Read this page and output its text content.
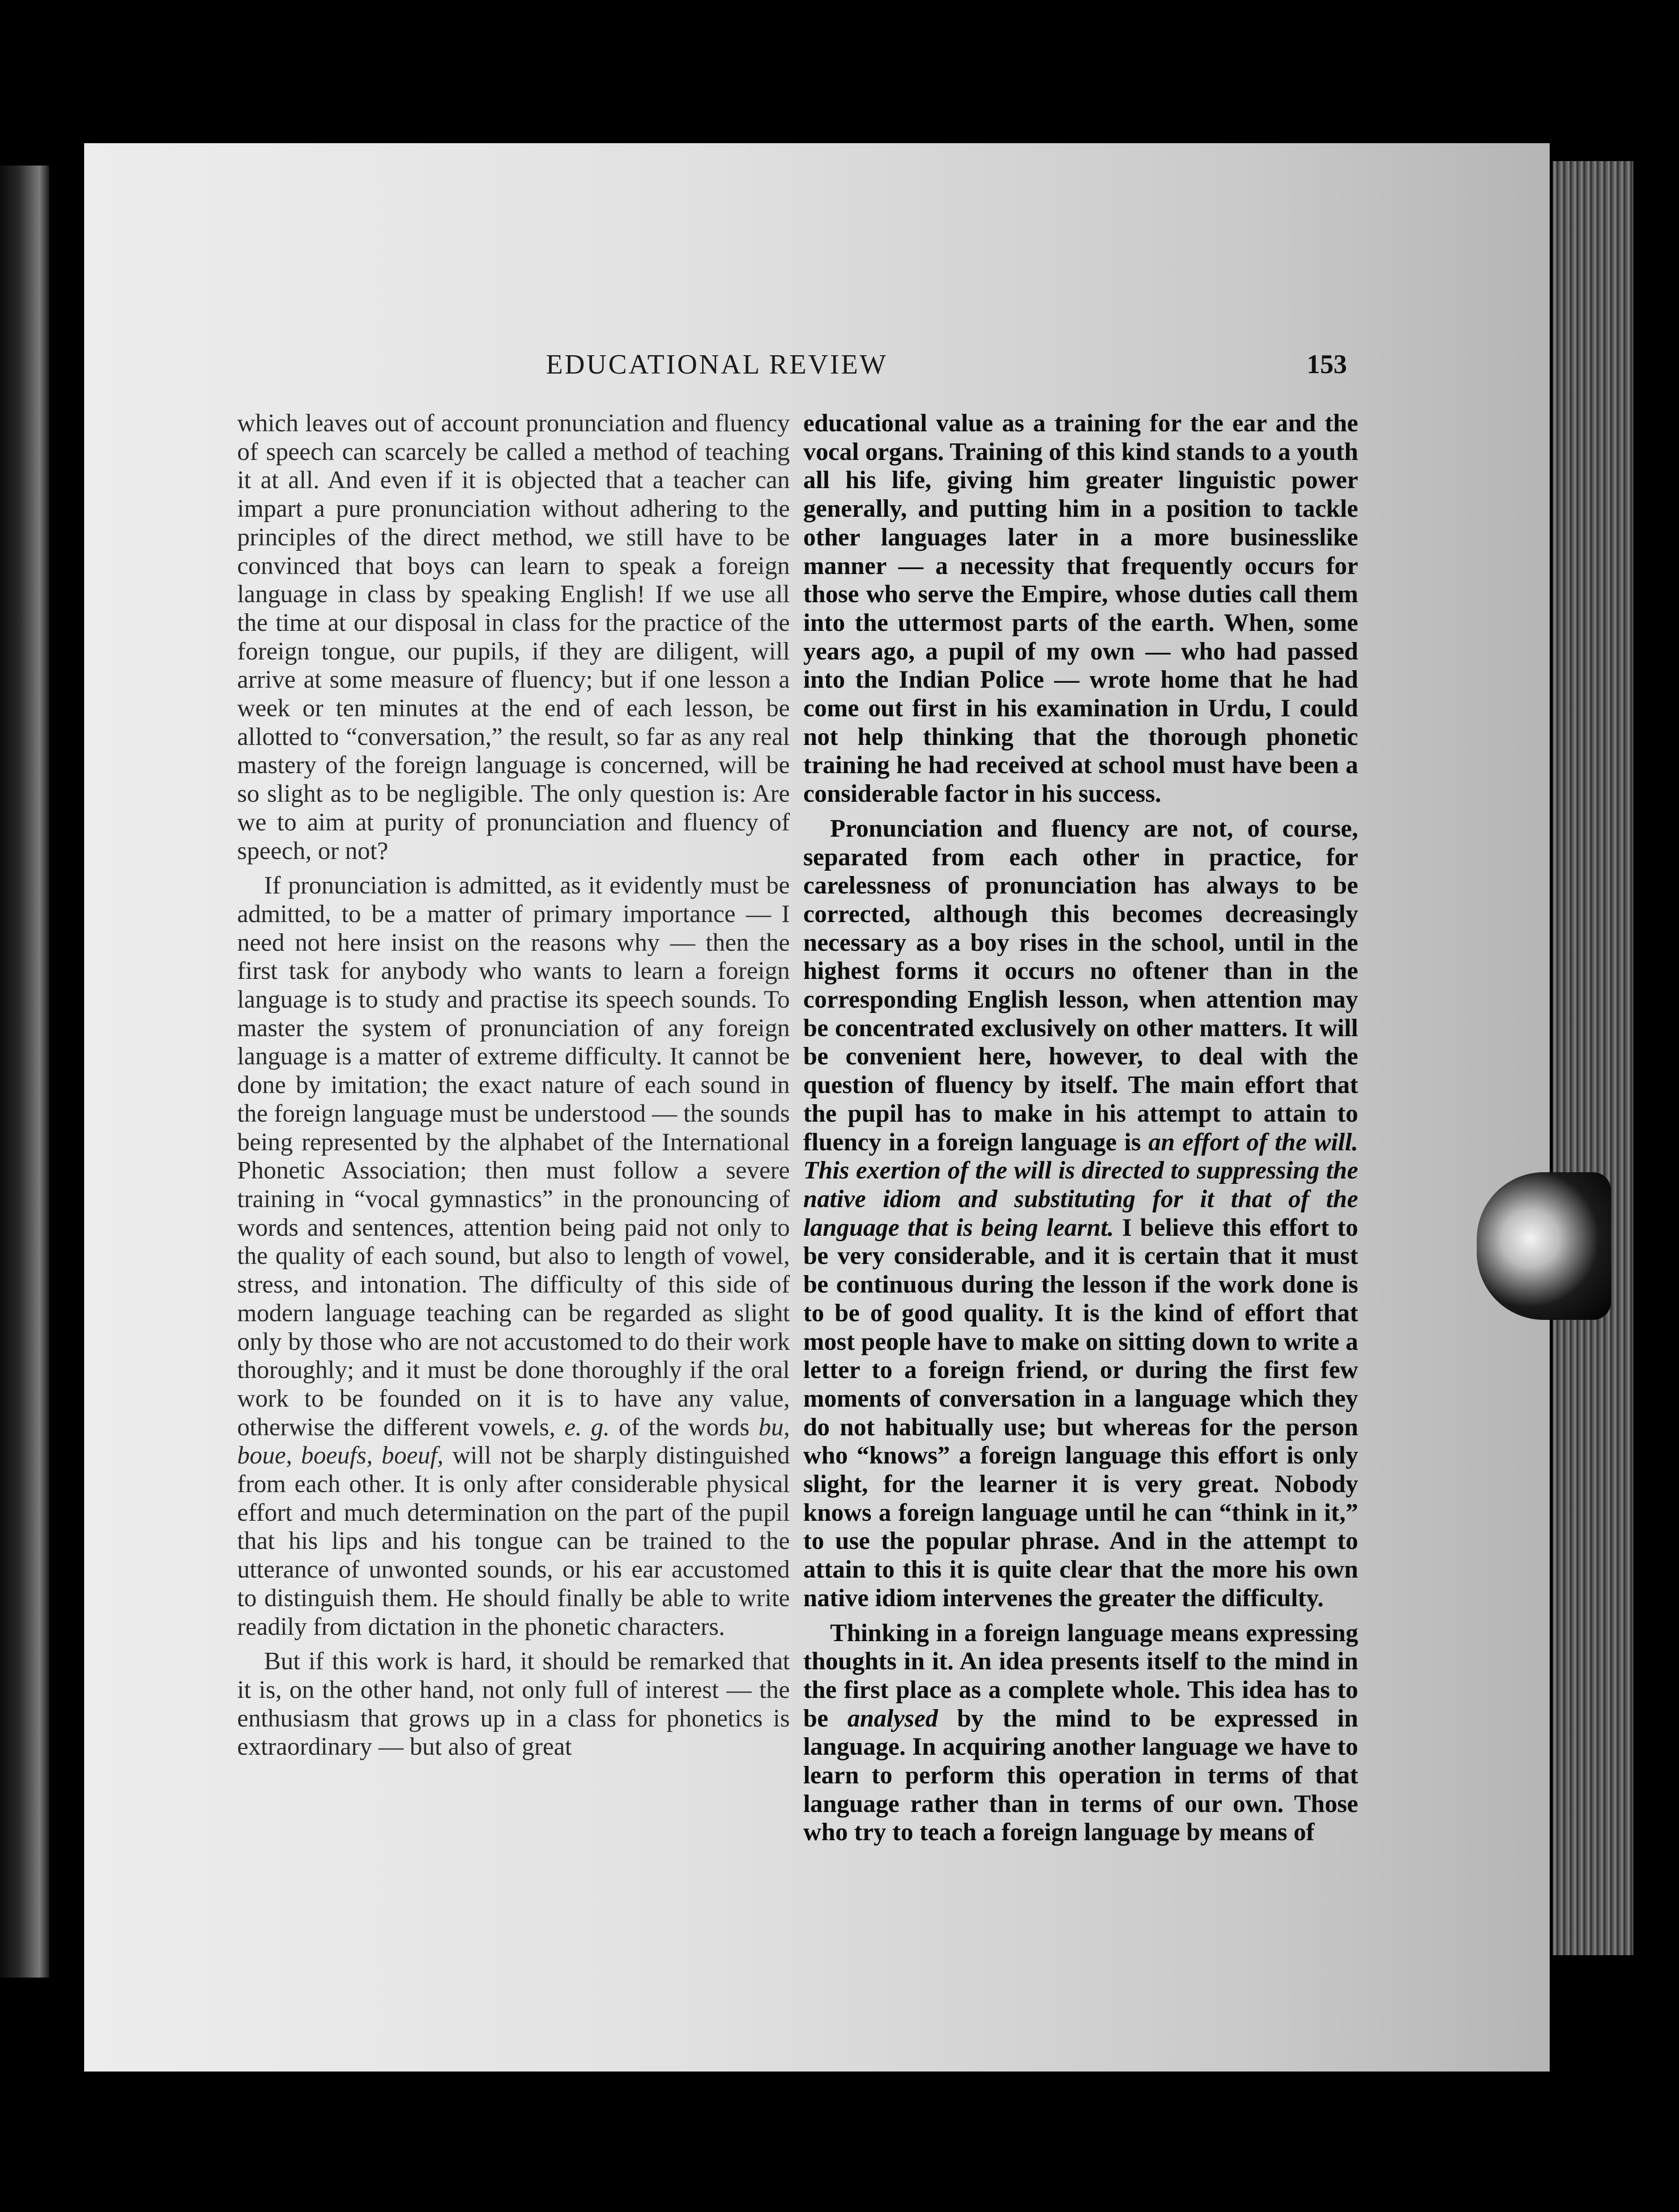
EDUCATIONAL REVIEW	153

which leaves out of account pronunciation and fluency of speech can scarcely be called a method of teaching it at all. And even if it is objected that a teacher can impart a pure pronunciation without adhering to the principles of the direct method, we still have to be convinced that boys can learn to speak a foreign language in class by speaking English! If we use all the time at our disposal in class for the practice of the foreign tongue, our pupils, if they are diligent, will arrive at some measure of fluency; but if one lesson a week or ten minutes at the end of each lesson, be allotted to “conversation,” the result, so far as any real mastery of the foreign language is concerned, will be so slight as to be negligible. The only question is: Are we to aim at purity of pronunciation and fluency of speech, or not?

If pronunciation is admitted, as it evidently must be admitted, to be a matter of primary importance — I need not here insist on the reasons why — then the first task for anybody who wants to learn a foreign language is to study and practise its speech sounds. To master the system of pronunciation of any foreign language is a matter of extreme difficulty. It cannot be done by imitation; the exact nature of each sound in the foreign language must be understood — the sounds being represented by the alphabet of the International Phonetic Association; then must follow a severe training in “vocal gymnastics” in the pronouncing of words and sentences, attention being paid not only to the quality of each sound, but also to length of vowel, stress, and intonation. The difficulty of this side of modern language teaching can be regarded as slight only by those who are not accustomed to do their work thoroughly; and it must be done thoroughly if the oral work to be founded on it is to have any value, otherwise the different vowels, e. g. of the words bu, boue, boeufs, boeuf, will not be sharply distinguished from each other. It is only after considerable physical effort and much determination on the part of the pupil that his lips and his tongue can be trained to the utterance of unwonted sounds, or his ear accustomed to distinguish them. He should finally be able to write readily from dictation in the phonetic characters.

But if this work is hard, it should be remarked that it is, on the other hand, not only full of interest — the enthusiasm that grows up in a class for phonetics is extraordinary — but also of great

educational value as a training for the ear and the vocal organs. Training of this kind stands to a youth all his life, giving him greater linguistic power generally, and putting him in a position to tackle other languages later in a more businesslike manner — a necessity that frequently occurs for those who serve the Empire, whose duties call them into the uttermost parts of the earth. When, some years ago, a pupil of my own — who had passed into the Indian Police — wrote home that he had come out first in his examination in Urdu, I could not help thinking that the thorough phonetic training he had received at school must have been a considerable factor in his success.

Pronunciation and fluency are not, of course, separated from each other in practice, for carelessness of pronunciation has always to be corrected, although this becomes decreasingly necessary as a boy rises in the school, until in the highest forms it occurs no oftener than in the corresponding English lesson, when attention may be concentrated exclusively on other matters. It will be convenient here, however, to deal with the question of fluency by itself. The main effort that the pupil has to make in his attempt to attain to fluency in a foreign language is an effort of the will. This exertion of the will is directed to suppressing the native idiom and substituting for it that of the language that is being learnt. I believe this effort to be very considerable, and it is certain that it must be continuous during the lesson if the work done is to be of good quality. It is the kind of effort that most people have to make on sitting down to write a letter to a foreign friend, or during the first few moments of conversation in a language which they do not habitually use; but whereas for the person who “knows” a foreign language this effort is only slight, for the learner it is very great. Nobody knows a foreign language until he can “think in it,” to use the popular phrase. And in the attempt to attain to this it is quite clear that the more his own native idiom intervenes the greater the difficulty.

Thinking in a foreign language means expressing thoughts in it. An idea presents itself to the mind in the first place as a complete whole. This idea has to be analysed by the mind to be expressed in language. In acquiring another language we have to learn to perform this operation in terms of that language rather than in terms of our own. Those who try to teach a foreign language by means of
